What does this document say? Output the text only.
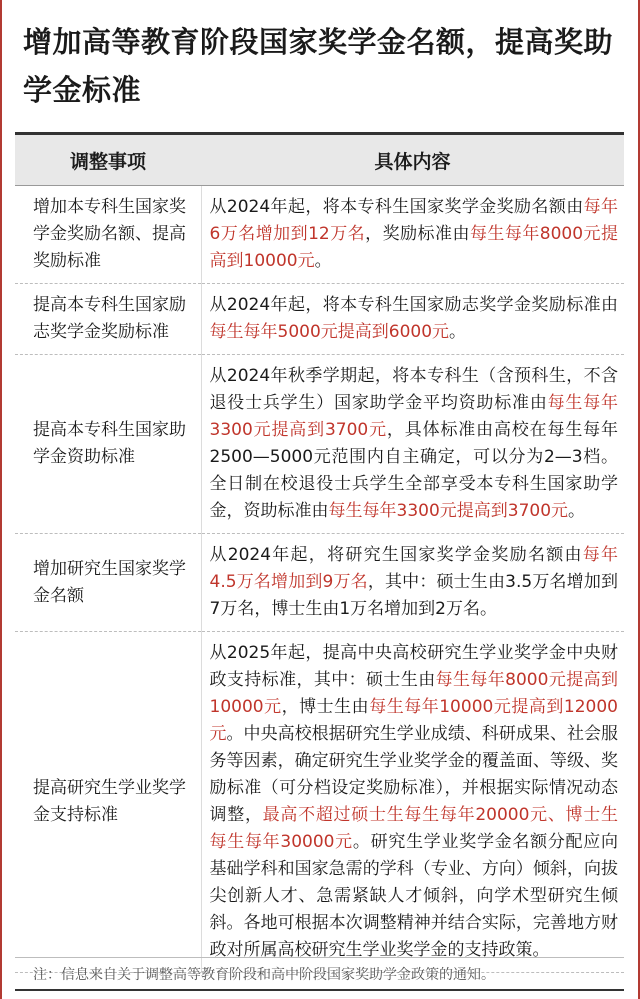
增加高等教育阶段国家奖学金名额，提高奖助学金标准
调整事项	具体内容
增加本专科生国家奖学金奖励名额、提高奖励标准	从2024年起，将本专科生国家奖学金奖励名额由每年6万名增加到12万名，奖励标准由每生每年8000元提高到10000元。
提高本专科生国家励志奖学金奖励标准	从2024年起，将本专科生国家励志奖学金奖励标准由每生每年5000元提高到6000元。
提高本专科生国家助学金资助标准	从2024年秋季学期起，将本专科生（含预科生，不含退役士兵学生）国家助学金平均资助标准由每生每年3300元提高到3700元，具体标准由高校在每生每年2500—5000元范围内自主确定，可以分为2—3档。全日制在校退役士兵学生全部享受本专科生国家助学金，资助标准由每生每年3300元提高到3700元。
增加研究生国家奖学金名额	从2024年起，将研究生国家奖学金奖励名额由每年4.5万名增加到9万名，其中：硕士生由3.5万名增加到7万名，博士生由1万名增加到2万名。
提高研究生学业奖学金支持标准	从2025年起，提高中央高校研究生学业奖学金中央财政支持标准，其中：硕士生由每生每年8000元提高到10000元，博士生由每生每年10000元提高到12000元。中央高校根据研究生学业成绩、科研成果、社会服务等因素，确定研究生学业奖学金的覆盖面、等级、奖励标准（可分档设定奖励标准），并根据实际情况动态调整，最高不超过硕士生每生每年20000元、博士生每生每年30000元。研究生学业奖学金名额分配应向基础学科和国家急需的学科（专业、方向）倾斜，向拔尖创新人才、急需紧缺人才倾斜，向学术型研究生倾斜。各地可根据本次调整精神并结合实际，完善地方财政对所属高校研究生学业奖学金的支持政策。
注：信息来自关于调整高等教育阶段和高中阶段国家奖助学金政策的通知。
